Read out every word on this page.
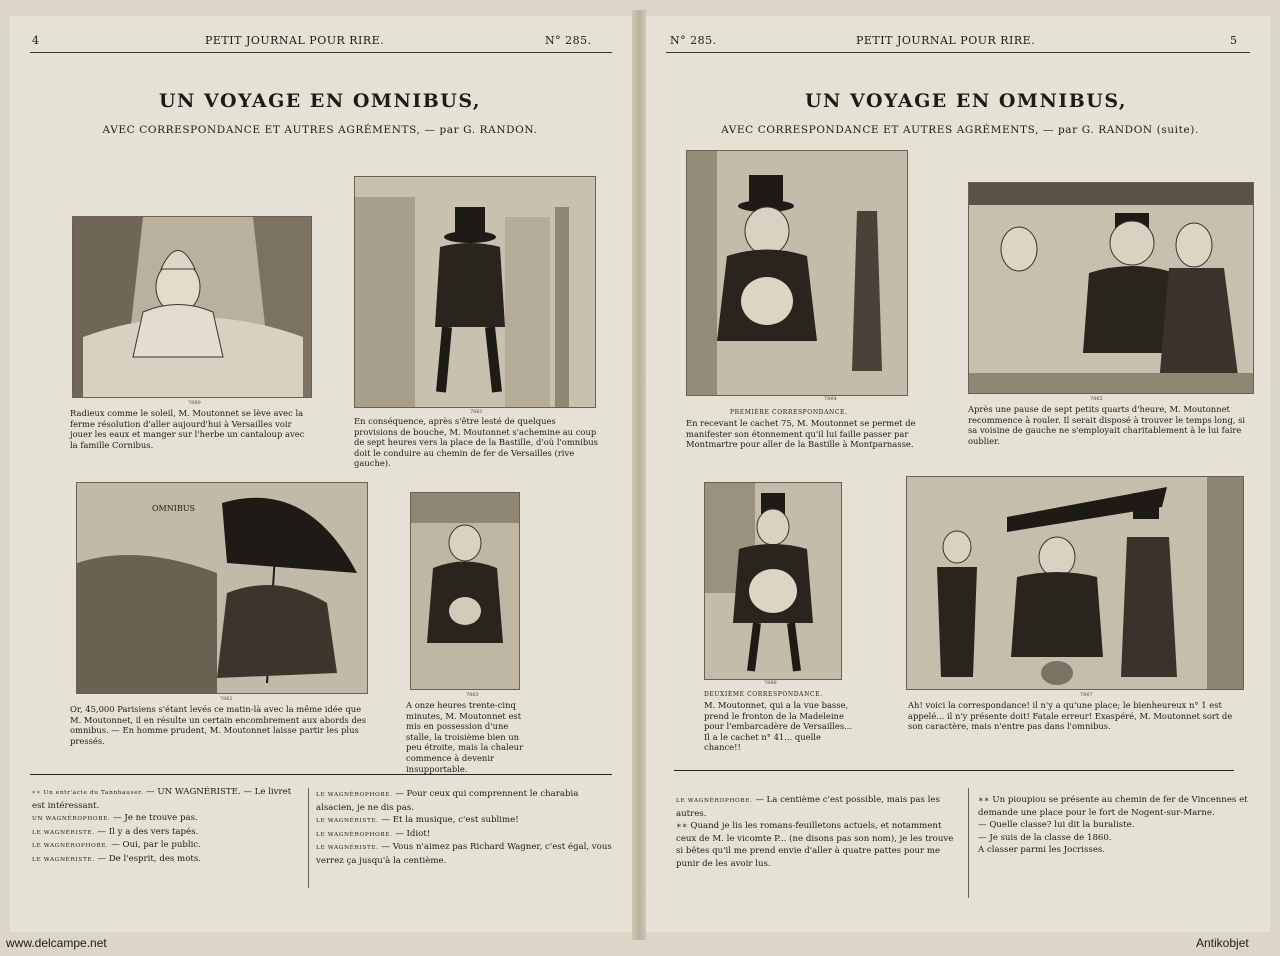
4	PETIT JOURNAL POUR RIRE.	N° 285.
UN VOYAGE EN OMNIBUS,
AVEC CORRESPONDANCE ET AUTRES AGRÉMENTS, — par G. RANDON.
7860
Radieux comme le soleil, M. Moutonnet se lève avec la ferme résolution d'aller aujourd'hui à Versailles voir jouer les eaux et manger sur l'herbe un cantaloup avec la famille Cornibus.
7861
En conséquence, après s'être lesté de quelques provisions de bouche, M. Moutonnet s'achemine au coup de sept heures vers la place de la Bastille, d'où l'omnibus doit le conduire au chemin de fer de Versailles (rive gauche).
OMNIBUS
7862
Or, 45,000 Parisiens s'étant levés ce matin-là avec la même idée que M. Moutonnet, il en résulte un certain encombrement aux abords des omnibus. — En homme prudent, M. Moutonnet laisse partir les plus pressés.
7863
A onze heures trente-cinq minutes, M. Moutonnet est mis en possession d'une stalle, la troisième bien un peu étroite, mais la chaleur commence à devenir insupportable.
∗∗ Un entr'acte du Tannhauser. — UN WAGNÉRISTE. — Le livret est intéressant.
UN WAGNÉROPHOBE. — Je ne trouve pas.
LE WAGNÉRISTE. — Il y a des vers tapés.
LE WAGNÉROPHOBE. — Oui, par le public.
LE WAGNÉRISTE. — De l'esprit, des mots.
LE WAGNÉROPHOBE. — Pour ceux qui comprennent le charabia alsacien, je ne dis pas.
LE WAGNÉRISTE. — Et la musique, c'est sublime!
LE WAGNÉROPHOBE. — Idiot!
LE WAGNÉRISTE. — Vous n'aimez pas Richard Wagner, c'est égal, vous verrez ça jusqu'à la centième.
N° 285.	PETIT JOURNAL POUR RIRE.	5
UN VOYAGE EN OMNIBUS,
AVEC CORRESPONDANCE ET AUTRES AGRÉMENTS, — par G. RANDON (suite).
7864
PREMIÈRE CORRESPONDANCE.
En recevant le cachet 75, M. Moutonnet se permet de manifester son étonnement qu'il lui faille passer par Montmartre pour aller de la Bastille à Montparnasse.
7865
Après une pause de sept petits quarts d'heure, M. Moutonnet recommence à rouler. Il serait disposé à trouver le temps long, si sa voisine de gauche ne s'employait charitablement à le lui faire oublier.
7866
DEUXIÈME CORRESPONDANCE.
M. Moutonnet, qui a la vue basse, prend le fronton de la Madeleine pour l'embarcadère de Versailles... Il a le cachet n° 41... quelle chance!!
7867
Ah! voici la correspondance! il n'y a qu'une place; le bienheureux n° 1 est appelé... il n'y présente doit! Fatale erreur! Exaspéré, M. Moutonnet sort de son caractère, mais n'entre pas dans l'omnibus.
LE WAGNÉROPHOBE. — La centième c'est possible, mais pas les autres.
∗∗ Quand je lis les romans-feuilletons actuels, et notamment ceux de M. le vicomte P... (ne disons pas son nom), je les trouve si bêtes qu'il me prend envie d'aller à quatre pattes pour me punir de les avoir lus.
∗∗ Un pioupiou se présente au chemin de fer de Vincennes et demande une place pour le fort de Nogent-sur-Marne.
— Quelle classe? lui dit la buraliste.
— Je suis de la classe de 1860.
A classer parmi les Jocrisses.
www.delcampe.net	Antikobjet
